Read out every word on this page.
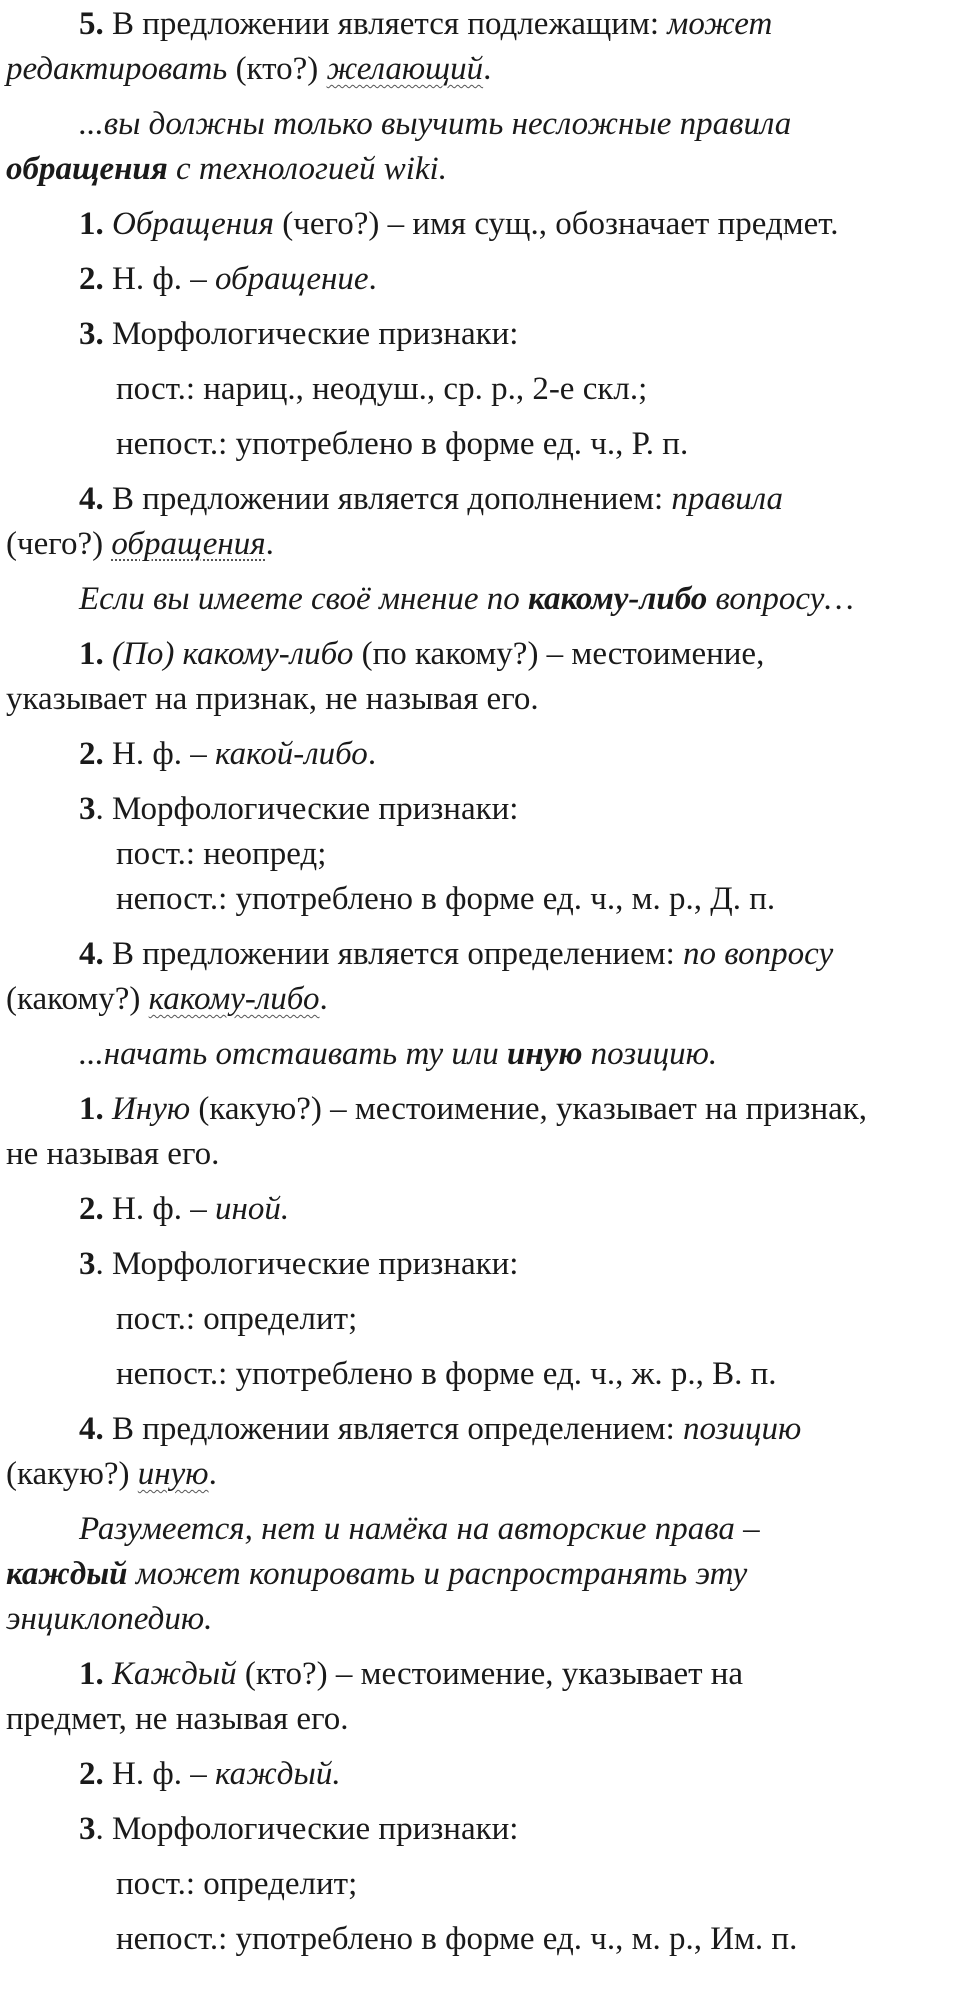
5. В предложении является подлежащим: может

редактировать (кто?) желающий.

...вы должны только выучить несложные правила

обращения с технологией wiki.

1. Обращения (чего?) – имя сущ., обозначает предмет.

2. Н. ф. – обращение.

3. Морфологические признаки:

пост.: нариц., неодуш., ср. р., 2-е скл.;

непост.: употреблено в форме ед. ч., Р. п.

4. В предложении является дополнением: правила

(чего?) обращения.

Если вы имеете своё мнение по какому-либо вопросу…

1. (По) какому-либо (по какому?) – местоимение,

указывает на признак, не называя его.

2. Н. ф. – какой-либо.

3. Морфологические признаки:

пост.: неопред;

непост.: употреблено в форме ед. ч., м. р., Д. п.

4. В предложении является определением: по вопросу

(какому?) какому-либо.

...начать отстаивать ту или иную позицию.

1. Иную (какую?) – местоимение, указывает на признак,

не называя его.

2. Н. ф. – иной.

3. Морфологические признаки:

пост.: определит;

непост.: употреблено в форме ед. ч., ж. р., В. п.

4. В предложении является определением: позицию

(какую?) иную.

Разумеется, нет и намёка на авторские права –

каждый может копировать и распространять эту

энциклопедию.

1. Каждый (кто?) – местоимение, указывает на

предмет, не называя его.

2. Н. ф. – каждый.

3. Морфологические признаки:

пост.: определит;

непост.: употреблено в форме ед. ч., м. р., Им. п.
